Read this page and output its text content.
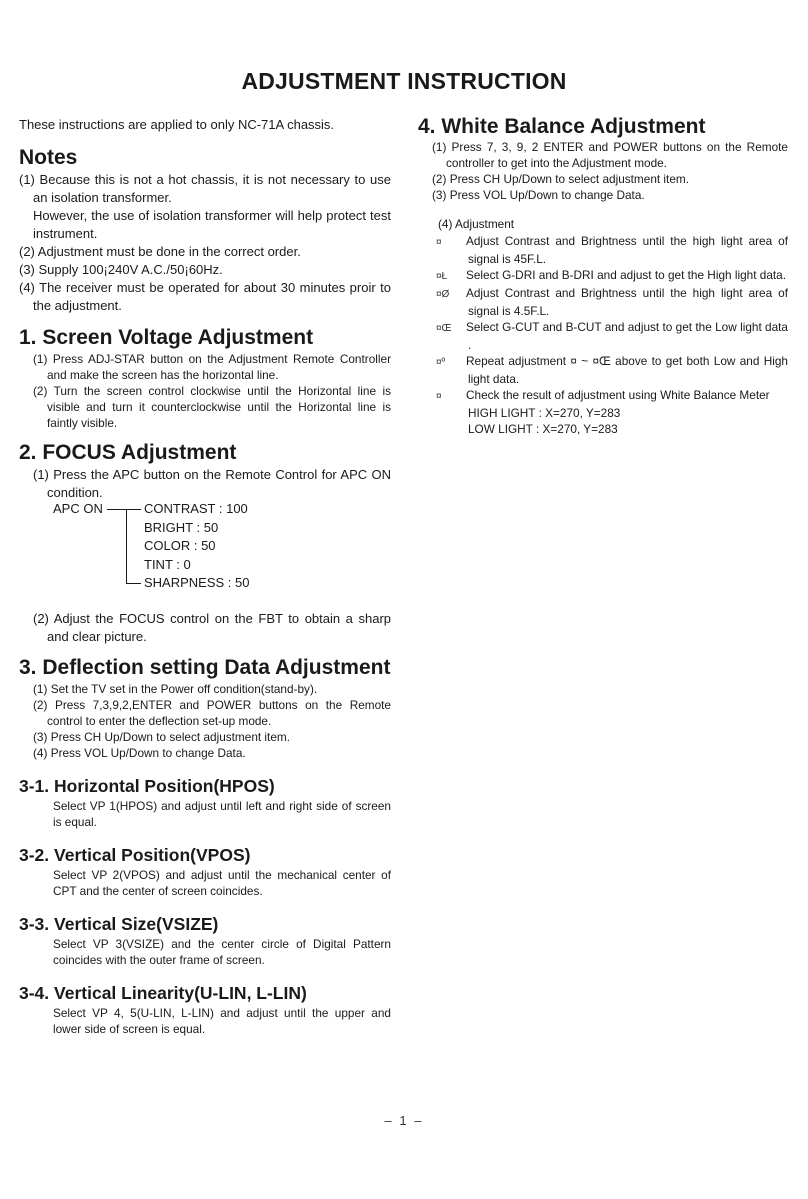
ADJUSTMENT INSTRUCTION
These instructions are applied to only NC-71A chassis.
Notes
(1) Because this is not a hot chassis, it is not necessary to use an isolation transformer.
However, the use of isolation transformer will help protect test instrument.
(2) Adjustment must be done in the correct order.
(3) Supply 100¡240V A.C./50¡60Hz.
(4) The receiver must be operated for about 30 minutes proir to the adjustment.
1. Screen Voltage Adjustment
(1) Press ADJ-STAR button on the Adjustment Remote Controller and make the screen has the horizontal line.
(2) Turn the screen control clockwise until the Horizontal line is visible and turn it counterclockwise until the Horizontal line is faintly visible.
2. FOCUS Adjustment
(1) Press the APC button on the Remote Control for APC ON condition.
APC ON	CONTRAST : 100
BRIGHT : 50
COLOR : 50
TINT : 0
SHARPNESS : 50
(2) Adjust the FOCUS control on the FBT to obtain a sharp and clear picture.
3. Deflection setting Data Adjustment
(1) Set the TV set in the Power off condition(stand-by).
(2) Press 7,3,9,2,ENTER and POWER buttons on the Remote control to enter the deflection set-up mode.
(3) Press CH Up/Down to select adjustment item.
(4) Press VOL Up/Down to change Data.
3-1. Horizontal Position(HPOS)
Select VP 1(HPOS) and adjust until left and right side of screen is equal.
3-2. Vertical Position(VPOS)
Select VP 2(VPOS) and adjust until the mechanical center of CPT and the center of screen coincides.
3-3. Vertical Size(VSIZE)
Select VP 3(VSIZE) and the center circle of Digital Pattern coincides with the outer frame of screen.
3-4. Vertical Linearity(U-LIN, L-LIN)
Select VP 4, 5(U-LIN, L-LIN) and adjust until the upper and lower side of screen is equal.
4. White Balance Adjustment
(1) Press 7, 3, 9, 2 ENTER and POWER buttons on the Remote controller to get into the Adjustment mode.
(2) Press CH Up/Down to select adjustment item.
(3) Press VOL Up/Down to change Data.
(4) Adjustment
¤ Adjust Contrast and Brightness until the high light area of signal is 45F.L.
¤Ł Select G-DRI and B-DRI and adjust to get the High light data.
¤Ø Adjust Contrast and Brightness until the high light area of signal is 4.5F.L.
¤Œ Select G-CUT and B-CUT and adjust to get the Low light data .
¤º Repeat adjustment ¤ ~ ¤Œ above to get both Low and High light data.
¤ Check the result of adjustment using White Balance Meter
HIGH LIGHT : X=270, Y=283
LOW LIGHT : X=270, Y=283
– 1 –
